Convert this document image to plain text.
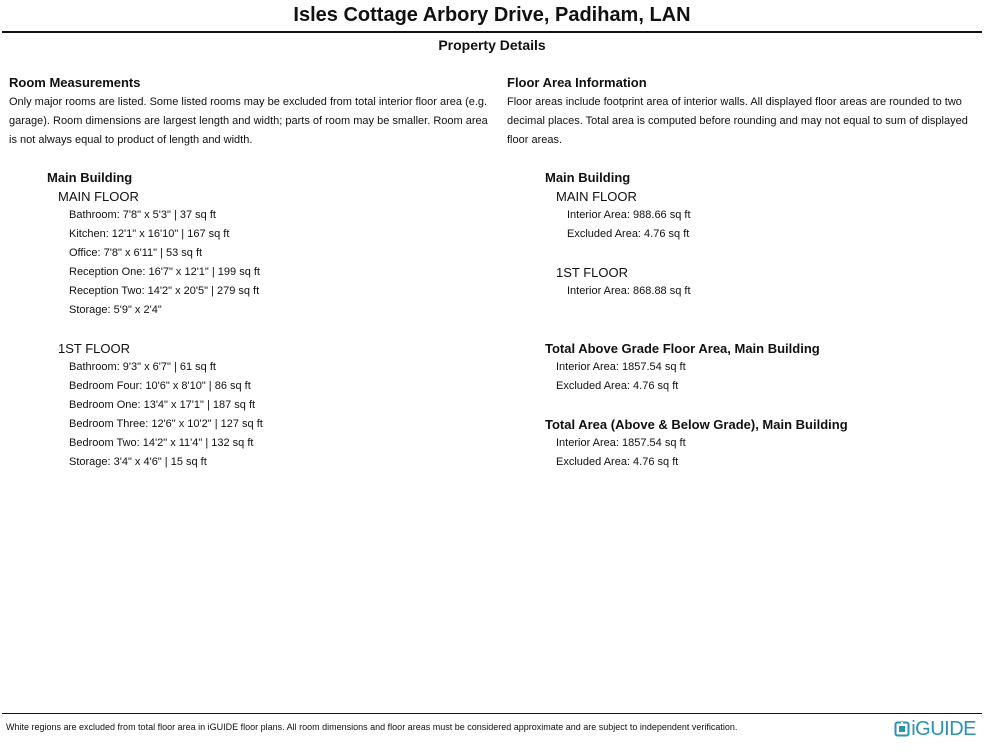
Isles Cottage Arbory Drive, Padiham, LAN
Property Details
Room Measurements
Only major rooms are listed. Some listed rooms may be excluded from total interior floor area (e.g. garage). Room dimensions are largest length and width; parts of room may be smaller. Room area is not always equal to product of length and width.
Main Building
MAIN FLOOR
Bathroom: 7'8" x 5'3" | 37 sq ft
Kitchen: 12'1" x 16'10" | 167 sq ft
Office: 7'8" x 6'11" | 53 sq ft
Reception One: 16'7" x 12'1" | 199 sq ft
Reception Two: 14'2" x 20'5" | 279 sq ft
Storage: 5'9" x 2'4"
1ST FLOOR
Bathroom: 9'3" x 6'7" | 61 sq ft
Bedroom Four: 10'6" x 8'10" | 86 sq ft
Bedroom One: 13'4" x 17'1" | 187 sq ft
Bedroom Three: 12'6" x 10'2" | 127 sq ft
Bedroom Two: 14'2" x 11'4" | 132 sq ft
Storage: 3'4" x 4'6" | 15 sq ft
Floor Area Information
Floor areas include footprint area of interior walls. All displayed floor areas are rounded to two decimal places. Total area is computed before rounding and may not equal to sum of displayed floor areas.
Main Building
MAIN FLOOR
Interior Area: 988.66 sq ft
Excluded Area: 4.76 sq ft
1ST FLOOR
Interior Area: 868.88 sq ft
Total Above Grade Floor Area, Main Building
Interior Area: 1857.54 sq ft
Excluded Area: 4.76 sq ft
Total Area (Above & Below Grade), Main Building
Interior Area: 1857.54 sq ft
Excluded Area: 4.76 sq ft
White regions are excluded from total floor area in iGUIDE floor plans. All room dimensions and floor areas must be considered approximate and are subject to independent verification.	iGUIDE
